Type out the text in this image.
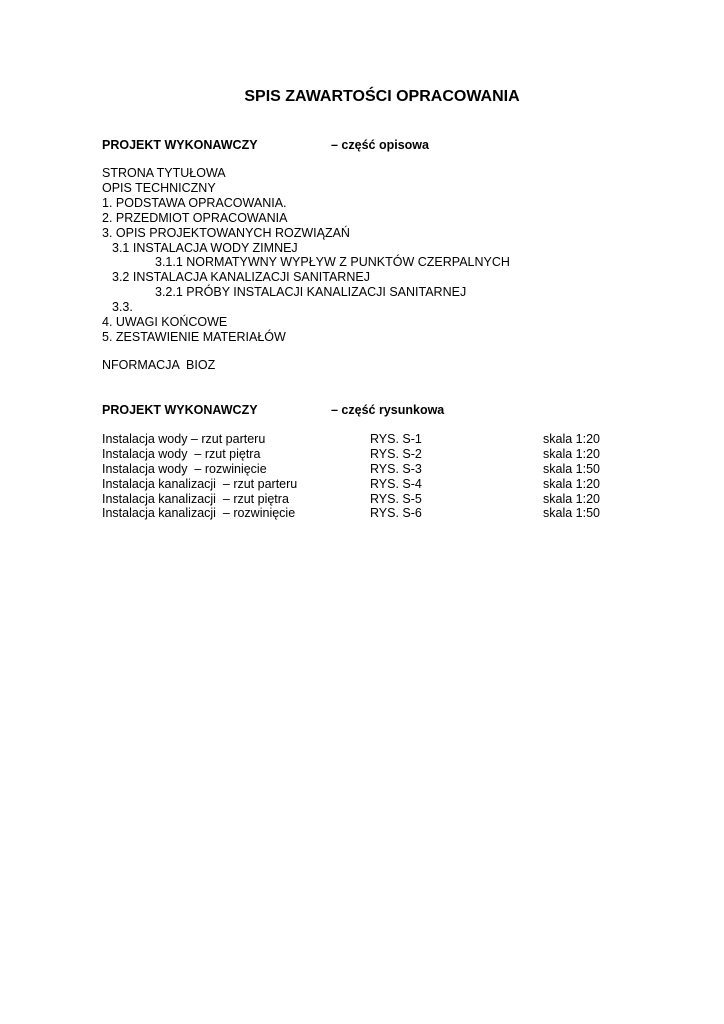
SPIS ZAWARTOŚCI OPRACOWANIA
PROJEKT WYKONAWCZY	– część opisowa
STRONA TYTUŁOWA
OPIS TECHNICZNY
1. PODSTAWA OPRACOWANIA.
2. PRZEDMIOT OPRACOWANIA
3. OPIS PROJEKTOWANYCH ROZWIĄZAŃ
3.1 INSTALACJA WODY ZIMNEJ
3.1.1 NORMATYWNY WYPŁYW Z PUNKTÓW CZERPALNYCH
3.2 INSTALACJA KANALIZACJI SANITARNEJ
3.2.1 PRÓBY INSTALACJI KANALIZACJI SANITARNEJ
3.3.
4. UWAGI KOŃCOWE
5. ZESTAWIENIE MATERIAŁÓW
NFORMACJA  BIOZ
PROJEKT WYKONAWCZY	– część rysunkowa
Instalacja wody – rzut parteru	RYS. S-1	skala 1:20
Instalacja wody  – rzut piętra	RYS. S-2	skala 1:20
Instalacja wody  – rozwinięcie	RYS. S-3	skala 1:50
Instalacja kanalizacji  – rzut parteru	RYS. S-4	skala 1:20
Instalacja kanalizacji  – rzut piętra	RYS. S-5	skala 1:20
Instalacja kanalizacji  – rozwinięcie	RYS. S-6	skala 1:50
